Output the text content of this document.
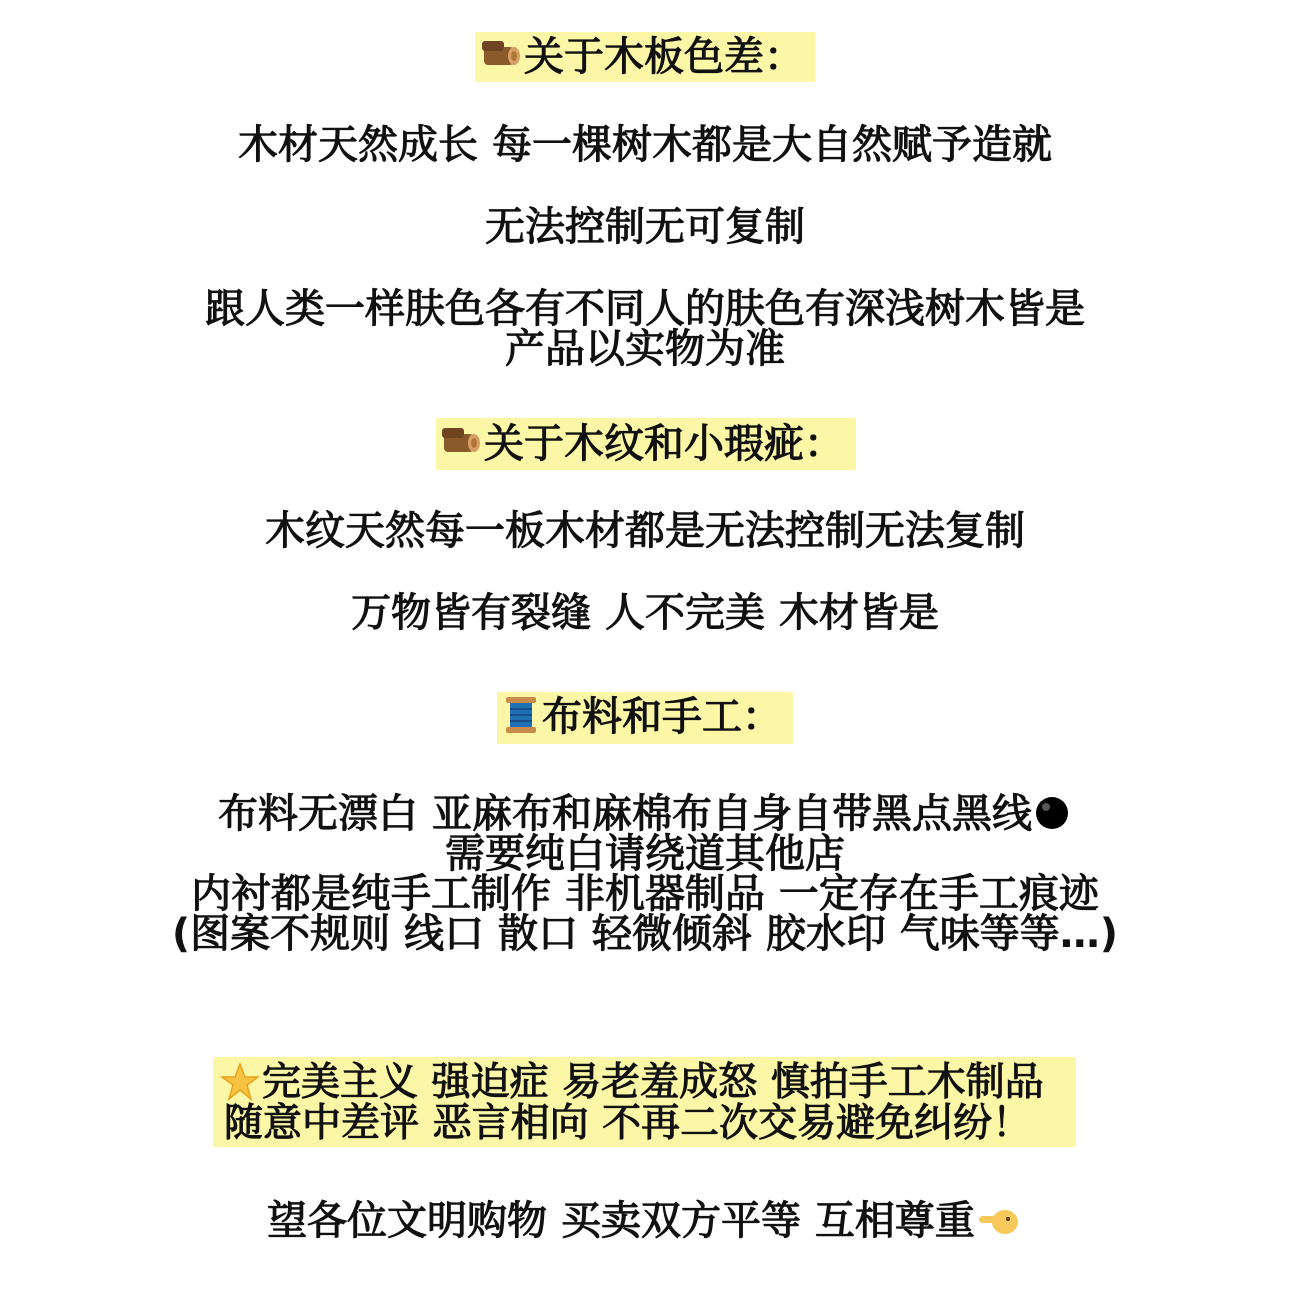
关于木板色差：
木材天然成长 每一棵树木都是大自然赋予造就
无法控制无可复制
跟人类一样肤色各有不同人的肤色有深浅树木皆是
产品以实物为准
关于木纹和小瑕疵：
木纹天然每一板木材都是无法控制无法复制
万物皆有裂缝 人不完美 木材皆是
布料和手工：
布料无漂白 亚麻布和麻棉布自身自带黑点黑线
需要纯白请绕道其他店
内衬都是纯手工制作 非机器制品 一定存在手工痕迹
(图案不规则 线口 散口 轻微倾斜 胶水印 气味等等…)
完美主义 强迫症 易老羞成怒 慎拍手工木制品
随意中差评 恶言相向 不再二次交易避免纠纷！
望各位文明购物 买卖双方平等 互相尊重
